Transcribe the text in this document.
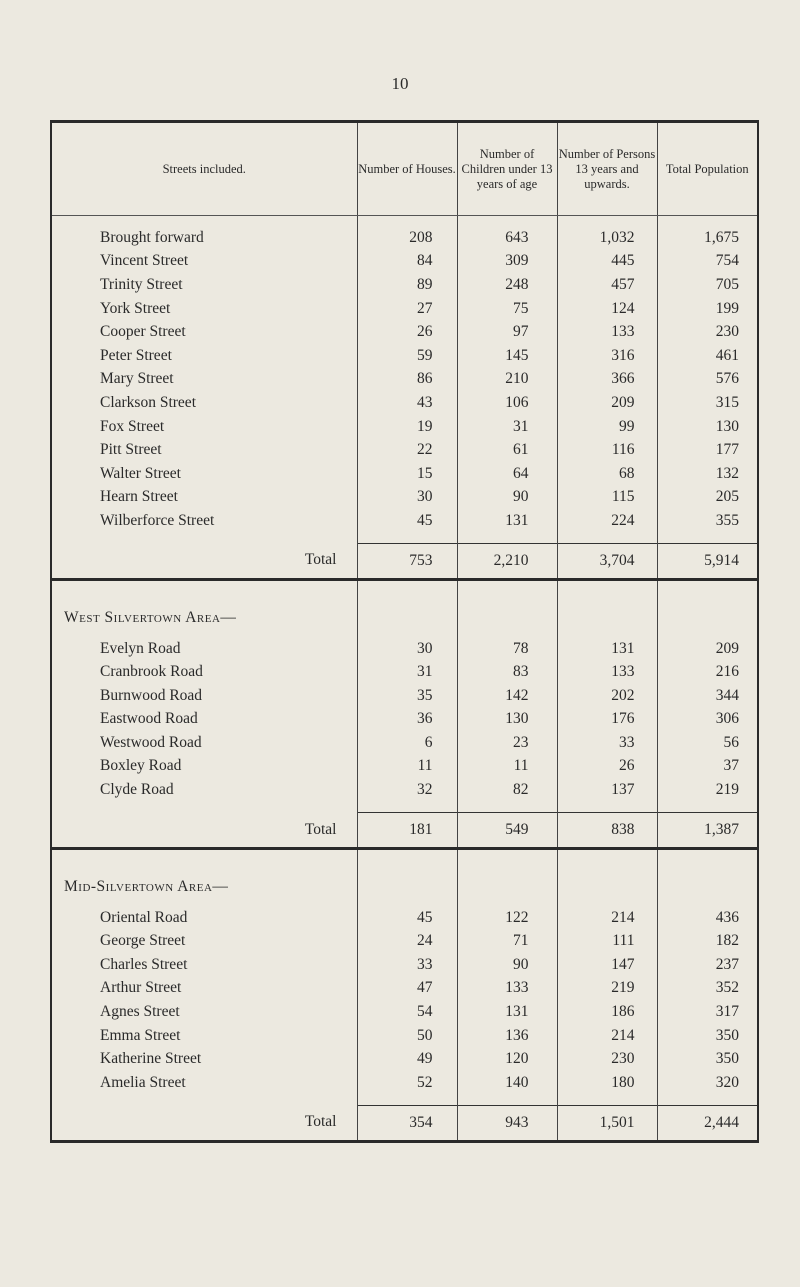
10
Streets included.	Number of Houses.	Number of Children under 13 years of age	Number of Persons 13 years and upwards.	Total Population

Brought forward	208	643	1,032	1,675
Vincent Street	84	309	445	754
Trinity Street	89	248	457	705
York Street	27	75	124	199
Cooper Street	26	97	133	230
Peter Street	59	145	316	461
Mary Street	86	210	366	576
Clarkson Street	43	106	209	315
Fox Street	19	31	99	130
Pitt Street	22	61	116	177
Walter Street	15	64	68	132
Hearn Street	30	90	115	205
Wilberforce Street	45	131	224	355

Total	753	2,210	3,704	5,914

West Silvertown Area—				

Evelyn Road	30	78	131	209
Cranbrook Road	31	83	133	216
Burnwood Road	35	142	202	344
Eastwood Road	36	130	176	306
Westwood Road	6	23	33	56
Boxley Road	11	11	26	37
Clyde Road	32	82	137	219

Total	181	549	838	1,387

Mid-Silvertown Area—				

Oriental Road	45	122	214	436
George Street	24	71	111	182
Charles Street	33	90	147	237
Arthur Street	47	133	219	352
Agnes Street	54	131	186	317
Emma Street	50	136	214	350
Katherine Street	49	120	230	350
Amelia Street	52	140	180	320

Total	354	943	1,501	2,444
